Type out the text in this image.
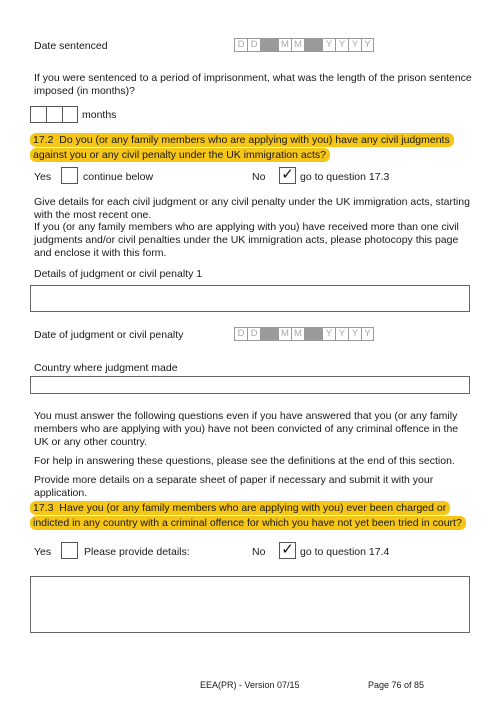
Date sentenced	D D	M M	Y Y Y Y
If you were sentenced to a period of imprisonment, what was the length of the prison sentence imposed (in months)?
months
17.2 Do you (or any family members who are applying with you) have any civil judgments against you or any civil penalty under the UK immigration acts?
Yes	continue below	No ✓ go to question 17.3
Give details for each civil judgment or any civil penalty under the UK immigration acts, starting with the most recent one.
If you (or any family members who are applying with you) have received more than one civil judgments and/or civil penalties under the UK immigration acts, please photocopy this page and enclose it with this form.
Details of judgment or civil penalty 1
Date of judgment or civil penalty	D D	M M	Y Y Y Y
Country where judgment made
You must answer the following questions even if you have answered that you (or any family members who are applying with you) have not been convicted of any criminal offence in the UK or any other country.
For help in answering these questions, please see the definitions at the end of this section.
Provide more details on a separate sheet of paper if necessary and submit it with your application.
17.3 Have you (or any family members who are applying with you) ever been charged or indicted in any country with a criminal offence for which you have not yet been tried in court?
Yes	Please provide details:	No ✓ go to question 17.4
EEA(PR) - Version 07/15	Page 76 of 85
